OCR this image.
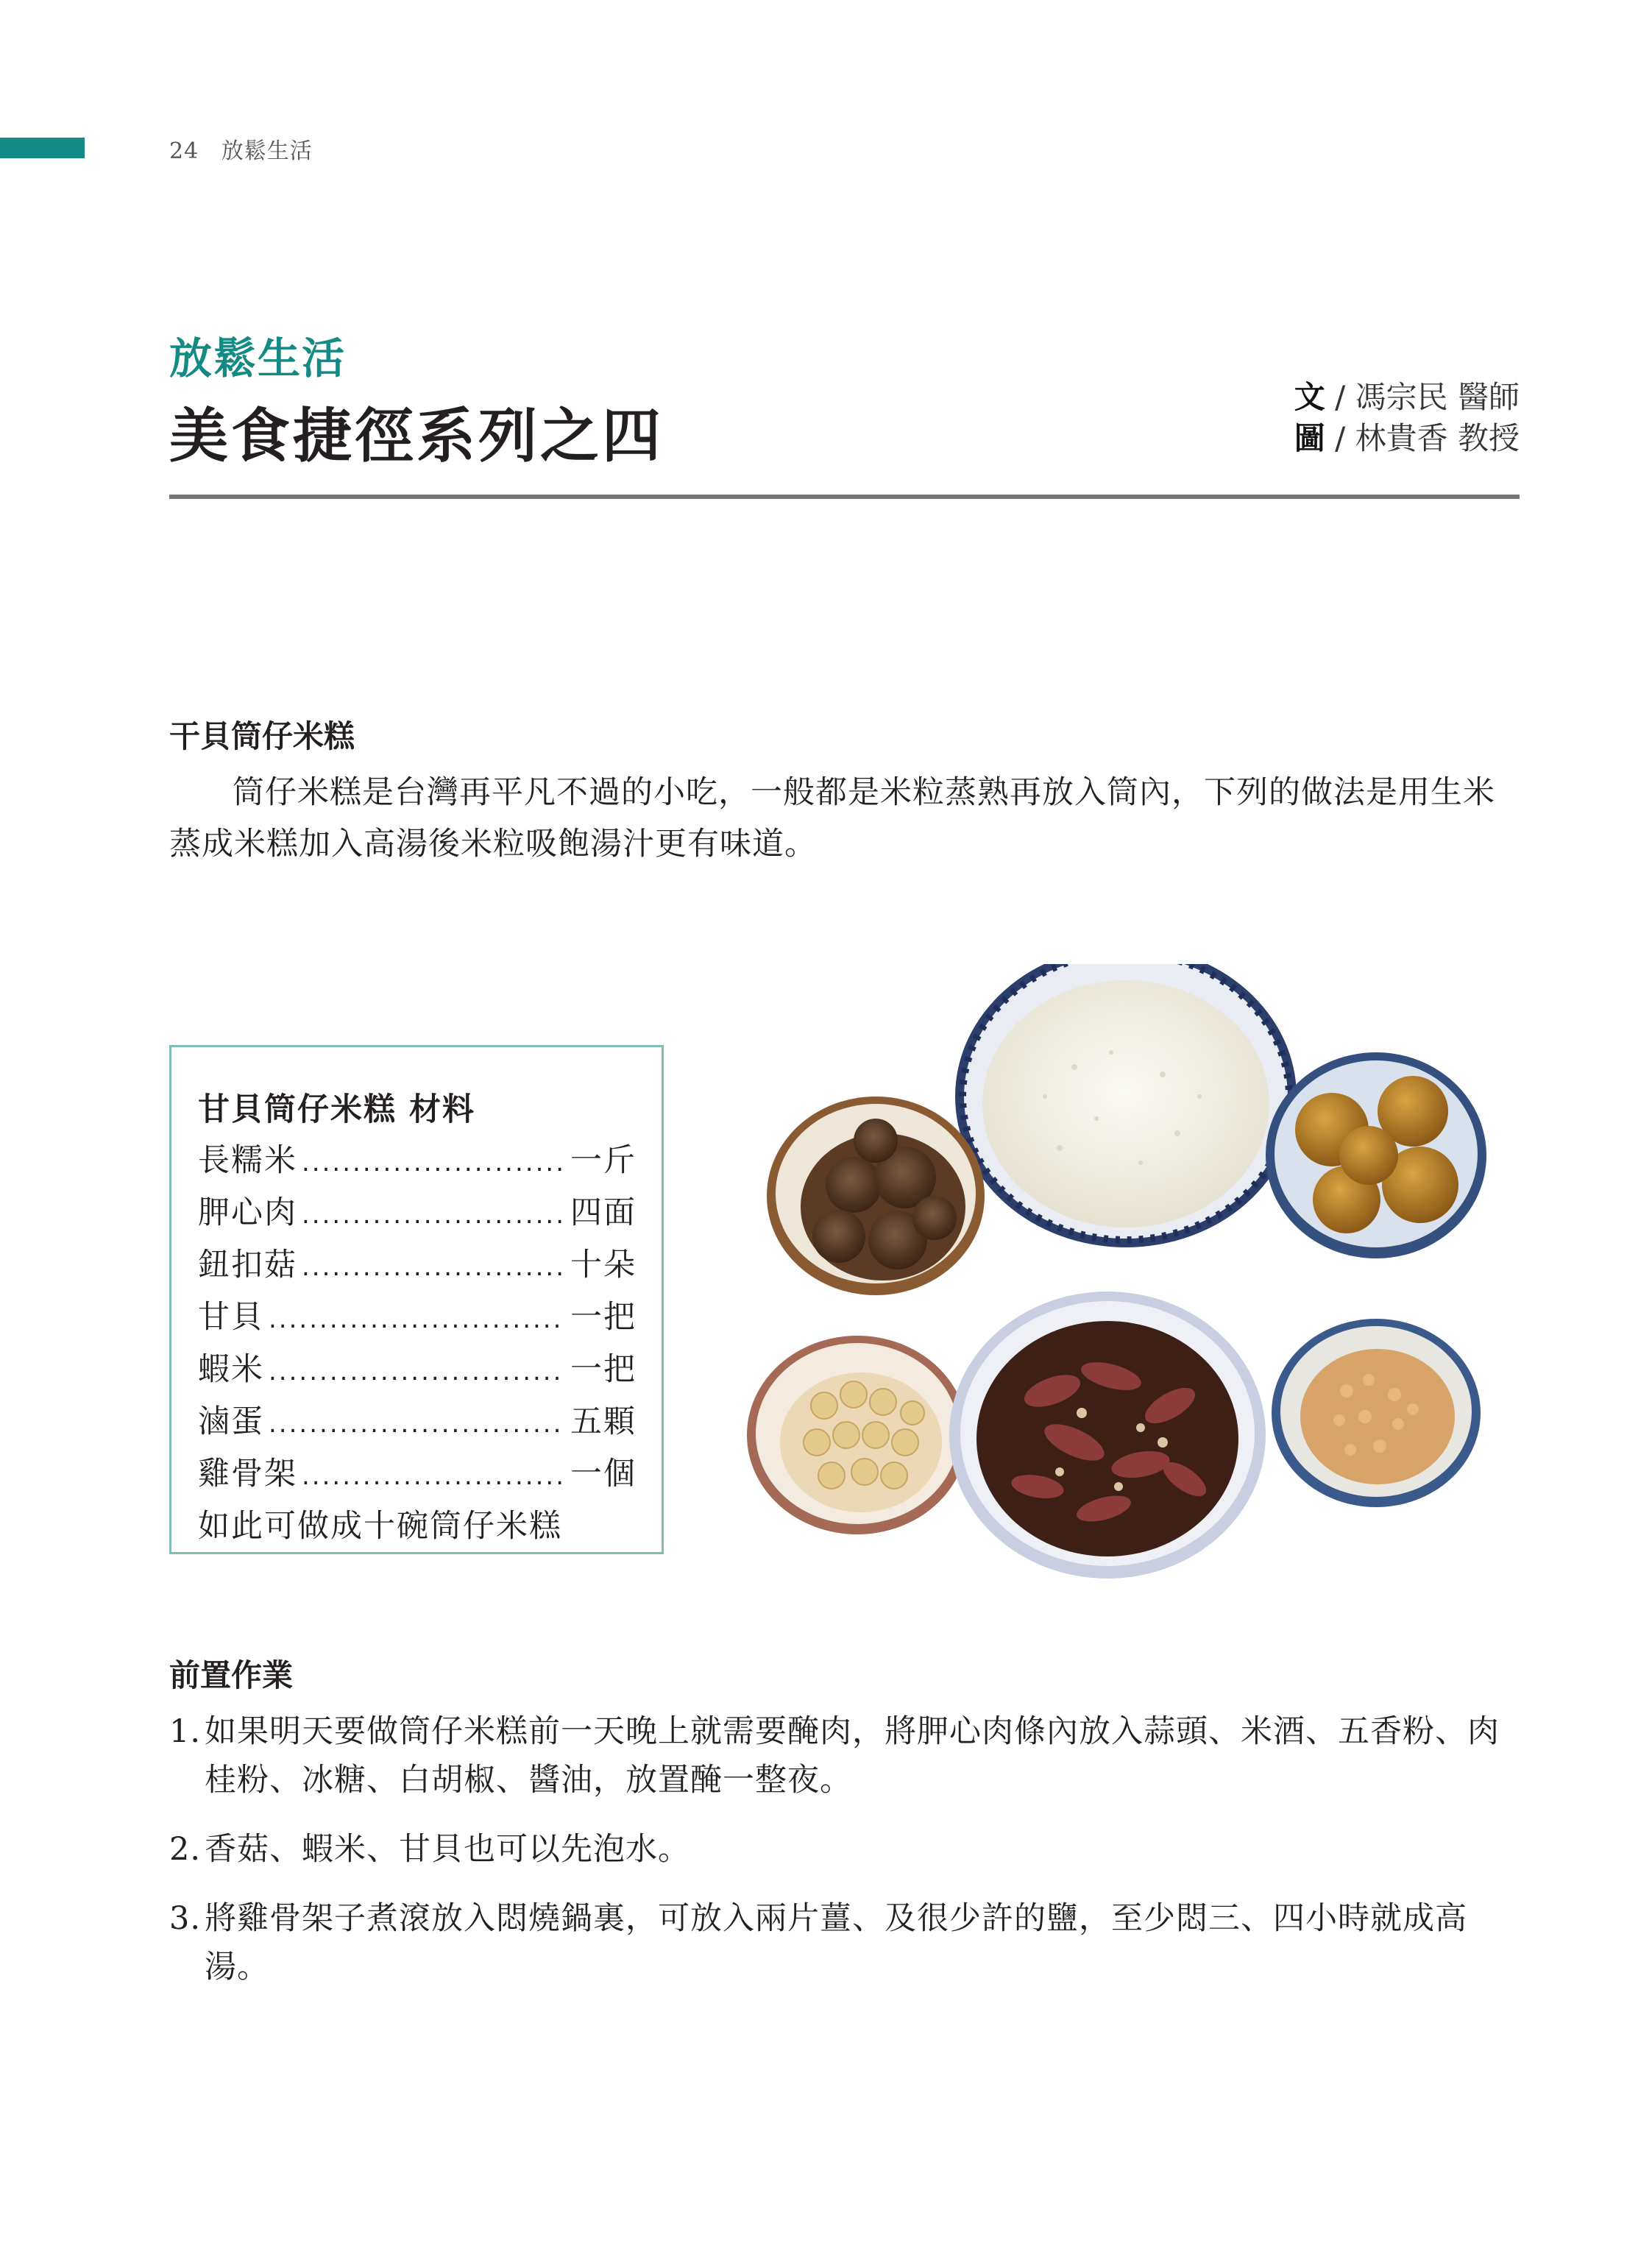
24 放鬆生活
放鬆生活
美食捷徑系列之四
文 / 馮宗民 醫師
圖 / 林貴香 教授
干貝筒仔米糕

筒仔米糕是台灣再平凡不過的小吃，一般都是米粒蒸熟再放入筒內，下列的做法是用生米蒸成米糕加入高湯後米粒吸飽湯汁更有味道。

甘貝筒仔米糕 材料
長糯米 .....	一斤
胛心肉 .....	四面
鈕扣菇 .....	十朵
甘貝 .....	一把
蝦米 .....	一把
滷蛋 .....	五顆
雞骨架 .....	一個
如此可做成十碗筒仔米糕
前置作業
1. 如果明天要做筒仔米糕前一天晚上就需要醃肉，將胛心肉條內放入蒜頭、米酒、五香粉、肉桂粉、冰糖、白胡椒、醬油，放置醃一整夜。
2. 香菇、蝦米、甘貝也可以先泡水。
3. 將雞骨架子煮滾放入悶燒鍋裏，可放入兩片薑、及很少許的鹽，至少悶三、四小時就成高湯。
